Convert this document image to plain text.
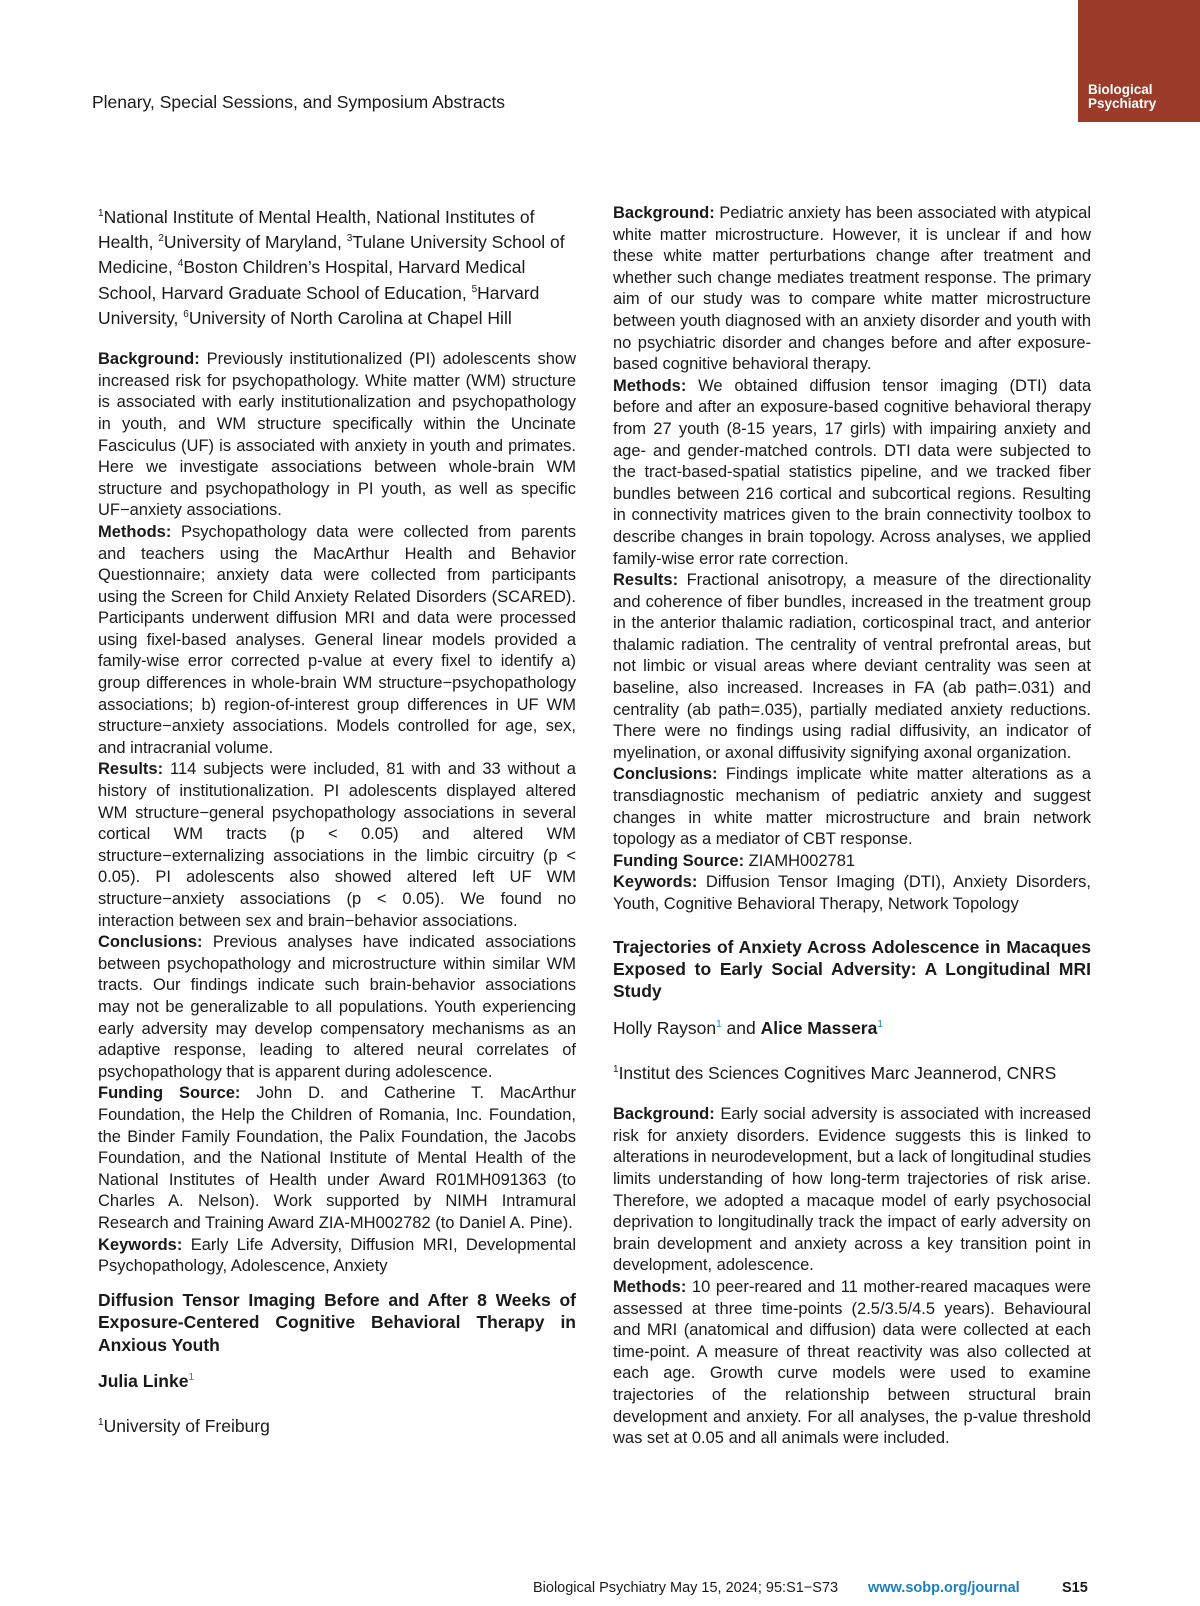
Plenary, Special Sessions, and Symposium Abstracts
Biological
Psychiatry

$^1$National Institute of Mental Health, National Institutes of Health, $^2$University of Maryland, $^3$Tulane University School of Medicine, $^4$Boston Children’s Hospital, Harvard Medical School, Harvard Graduate School of Education, $^5$Harvard University, $^6$University of North Carolina at Chapel Hill

Background: Previously institutionalized (PI) adolescents show increased risk for psychopathology. White matter (WM) structure is associated with early institutionalization and psychopathology in youth, and WM structure specifically within the Uncinate Fasciculus (UF) is associated with anxiety in youth and primates. Here we investigate associations between whole-brain WM structure and psychopathology in PI youth, as well as specific UF−anxiety associations.

Methods: Psychopathology data were collected from parents and teachers using the MacArthur Health and Behavior Questionnaire; anxiety data were collected from participants using the Screen for Child Anxiety Related Disorders (SCARED). Participants underwent diffusion MRI and data were processed using fixel-based analyses. General linear models provided a family-wise error corrected p-value at every fixel to identify a) group differences in whole-brain WM structure−psychopathology associations; b) region-of-interest group differences in UF WM structure−anxiety associations. Models controlled for age, sex, and intracranial volume.

Results: 114 subjects were included, 81 with and 33 without a history of institutionalization. PI adolescents displayed altered WM structure−general psychopathology associations in several cortical WM tracts (p < 0.05) and altered WM structure−externalizing associations in the limbic circuitry (p < 0.05). PI adolescents also showed altered left UF WM structure−anxiety associations (p < 0.05). We found no interaction between sex and brain−behavior associations.

Conclusions: Previous analyses have indicated associations between psychopathology and microstructure within similar WM tracts. Our findings indicate such brain-behavior associations may not be generalizable to all populations. Youth experiencing early adversity may develop compensatory mechanisms as an adaptive response, leading to altered neural correlates of psychopathology that is apparent during adolescence.

Funding Source: John D. and Catherine T. MacArthur Foundation, the Help the Children of Romania, Inc. Foundation, the Binder Family Foundation, the Palix Foundation, the Jacobs Foundation, and the National Institute of Mental Health of the National Institutes of Health under Award R01MH091363 (to Charles A. Nelson). Work supported by NIMH Intramural Research and Training Award ZIA-MH002782 (to Daniel A. Pine).

Keywords: Early Life Adversity, Diffusion MRI, Developmental Psychopathology, Adolescence, Anxiety

Diffusion Tensor Imaging Before and After 8 Weeks of Exposure-Centered Cognitive Behavioral Therapy in Anxious Youth

Julia Linke$^1$

$^1$University of Freiburg

Background: Pediatric anxiety has been associated with atypical white matter microstructure. However, it is unclear if and how these white matter perturbations change after treatment and whether such change mediates treatment response. The primary aim of our study was to compare white matter microstructure between youth diagnosed with an anxiety disorder and youth with no psychiatric disorder and changes before and after exposure-based cognitive behavioral therapy.

Methods: We obtained diffusion tensor imaging (DTI) data before and after an exposure-based cognitive behavioral therapy from 27 youth (8-15 years, 17 girls) with impairing anxiety and age- and gender-matched controls. DTI data were subjected to the tract-based-spatial statistics pipeline, and we tracked fiber bundles between 216 cortical and subcortical regions. Resulting in connectivity matrices given to the brain connectivity toolbox to describe changes in brain topology. Across analyses, we applied family-wise error rate correction.

Results: Fractional anisotropy, a measure of the directionality and coherence of fiber bundles, increased in the treatment group in the anterior thalamic radiation, corticospinal tract, and anterior thalamic radiation. The centrality of ventral prefrontal areas, but not limbic or visual areas where deviant centrality was seen at baseline, also increased. Increases in FA (ab path=.031) and centrality (ab path=.035), partially mediated anxiety reductions. There were no findings using radial diffusivity, an indicator of myelination, or axonal diffusivity signifying axonal organization.

Conclusions: Findings implicate white matter alterations as a transdiagnostic mechanism of pediatric anxiety and suggest changes in white matter microstructure and brain network topology as a mediator of CBT response.

Funding Source: ZIAMH002781

Keywords: Diffusion Tensor Imaging (DTI), Anxiety Disorders, Youth, Cognitive Behavioral Therapy, Network Topology

Trajectories of Anxiety Across Adolescence in Macaques Exposed to Early Social Adversity: A Longitudinal MRI Study

Holly Rayson$^1$ and Alice Massera$^1$

$^1$Institut des Sciences Cognitives Marc Jeannerod, CNRS

Background: Early social adversity is associated with increased risk for anxiety disorders. Evidence suggests this is linked to alterations in neurodevelopment, but a lack of longitudinal studies limits understanding of how long-term trajectories of risk arise. Therefore, we adopted a macaque model of early psychosocial deprivation to longitudinally track the impact of early adversity on brain development and anxiety across a key transition point in development, adolescence.

Methods: 10 peer-reared and 11 mother-reared macaques were assessed at three time-points (2.5/3.5/4.5 years). Behavioural and MRI (anatomical and diffusion) data were collected at each time-point. A measure of threat reactivity was also collected at each age. Growth curve models were used to examine trajectories of the relationship between structural brain development and anxiety. For all analyses, the p-value threshold was set at 0.05 and all animals were included.

Biological Psychiatry May 15, 2024; 95:S1−S73 www.sobp.org/journal	S15
